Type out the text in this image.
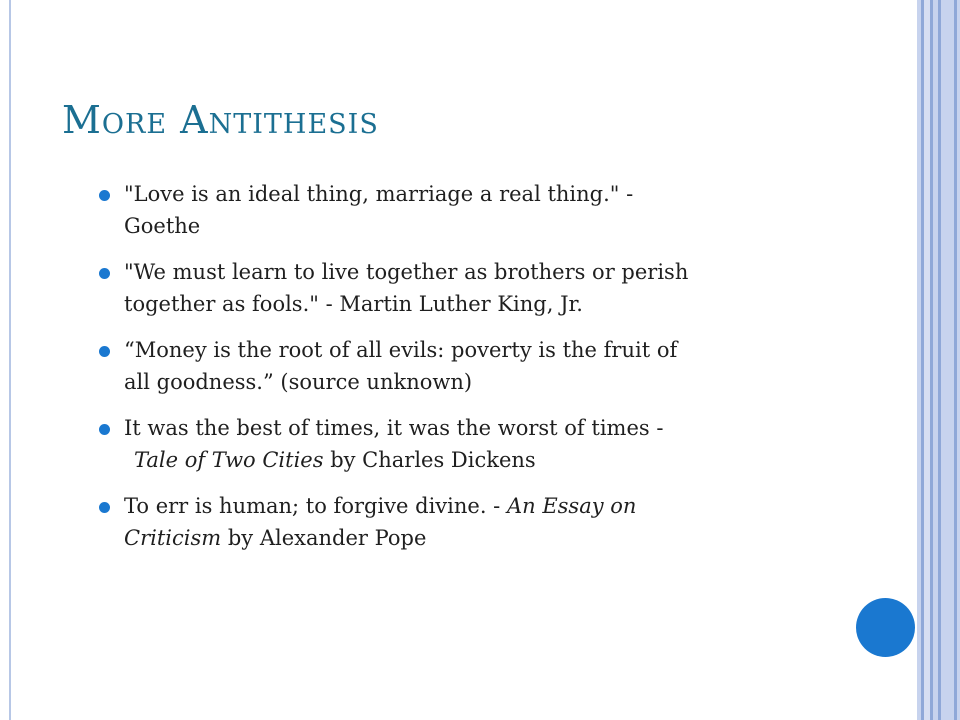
More Antithesis
"Love is an ideal thing, marriage a real thing." -
Goethe
"We must learn to live together as brothers or perish
together as fools." - Martin Luther King, Jr.
“Money is the root of all evils: poverty is the fruit of
all goodness.” (source unknown)
It was the best of times, it was the worst of times -
Tale of Two Cities by Charles Dickens
To err is human; to forgive divine. - An Essay on
Criticism by Alexander Pope
